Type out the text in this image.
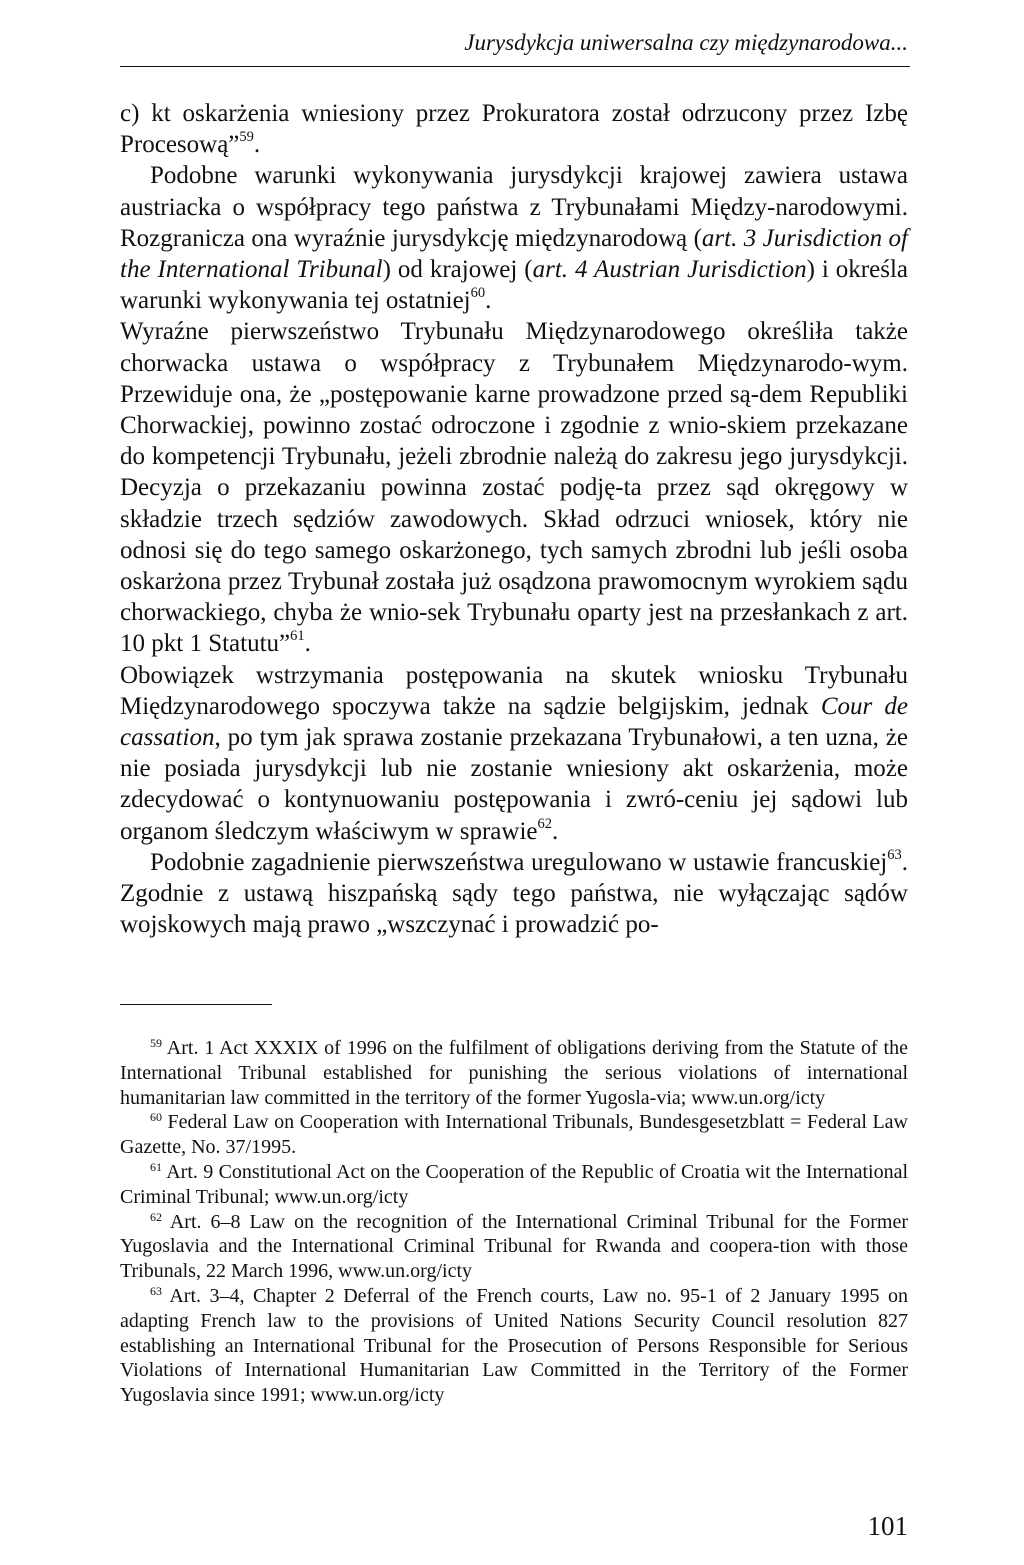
Jurysdykcja uniwersalna czy międzynarodowa...

c) kt oskarżenia wniesiony przez Prokuratora został odrzucony przez Izbę Procesową”$^{59}$.

Podobne warunki wykonywania jurysdykcji krajowej zawiera ustawa austriacka o współpracy tego państwa z Trybunałami Między-narodowymi. Rozgranicza ona wyraźnie jurysdykcję międzynarodową (art. 3 Jurisdiction of the International Tribunal) od krajowej (art. 4 Austrian Jurisdiction) i określa warunki wykonywania tej ostatniej$^{60}$.

Wyraźne pierwszeństwo Trybunału Międzynarodowego określiła także chorwacka ustawa o współpracy z Trybunałem Międzynarodo-wym. Przewiduje ona, że „postępowanie karne prowadzone przed są-dem Republiki Chorwackiej, powinno zostać odroczone i zgodnie z wnio-skiem przekazane do kompetencji Trybunału, jeżeli zbrodnie należą do zakresu jego jurysdykcji. Decyzja o przekazaniu powinna zostać podję-ta przez sąd okręgowy w składzie trzech sędziów zawodowych. Skład odrzuci wniosek, który nie odnosi się do tego samego oskarżonego, tych samych zbrodni lub jeśli osoba oskarżona przez Trybunał została już osądzona prawomocnym wyrokiem sądu chorwackiego, chyba że wnio-sek Trybunału oparty jest na przesłankach z art. 10 pkt 1 Statutu”$^{61}$.

Obowiązek wstrzymania postępowania na skutek wniosku Trybunału Międzynarodowego spoczywa także na sądzie belgijskim, jednak Cour de cassation, po tym jak sprawa zostanie przekazana Trybunałowi, a ten uzna, że nie posiada jurysdykcji lub nie zostanie wniesiony akt oskarżenia, może zdecydować o kontynuowaniu postępowania i zwró-ceniu jej sądowi lub organom śledczym właściwym w sprawie$^{62}$.

Podobnie zagadnienie pierwszeństwa uregulowano w ustawie francuskiej$^{63}$. Zgodnie z ustawą hiszpańską sądy tego państwa, nie wyłączając sądów wojskowych mają prawo „wszczynać i prowadzić po-

$^{59}$ Art. 1 Act XXXIX of 1996 on the fulfilment of obligations deriving from the Statute of the International Tribunal established for punishing the serious violations of international humanitarian law committed in the territory of the former Yugosla-via; www.un.org/icty

$^{60}$ Federal Law on Cooperation with International Tribunals, Bundesgesetzblatt = Federal Law Gazette, No. 37/1995.

$^{61}$ Art. 9 Constitutional Act on the Cooperation of the Republic of Croatia wit the International Criminal Tribunal; www.un.org/icty

$^{62}$ Art. 6–8 Law on the recognition of the International Criminal Tribunal for the Former Yugoslavia and the International Criminal Tribunal for Rwanda and coopera-tion with those Tribunals, 22 March 1996, www.un.org/icty

$^{63}$ Art. 3–4, Chapter 2 Deferral of the French courts, Law no. 95-1 of 2 January 1995 on adapting French law to the provisions of United Nations Security Council resolution 827 establishing an International Tribunal for the Prosecution of Persons Responsible for Serious Violations of International Humanitarian Law Committed in the Territory of the Former Yugoslavia since 1991; www.un.org/icty

101
